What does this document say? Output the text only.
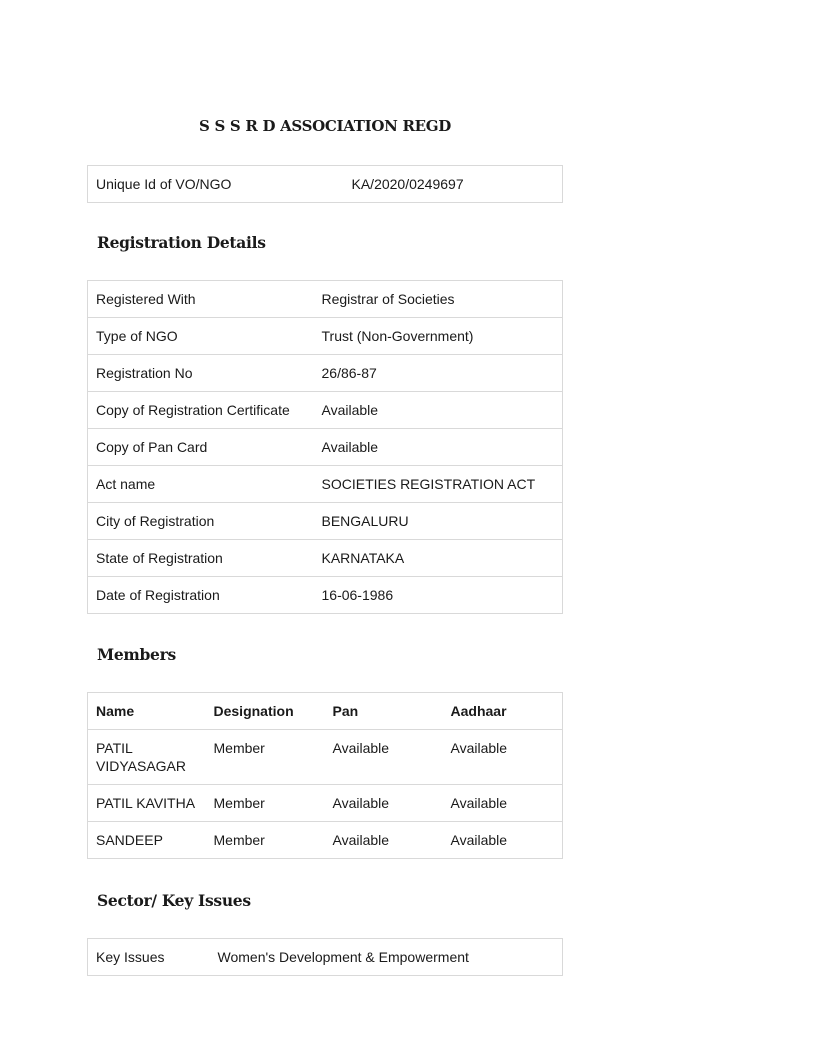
S S S R D ASSOCIATION REGD
Unique Id of VO/NGO	KA/2020/0249697
Registration Details
Registered With	Registrar of Societies
Type of NGO	Trust (Non-Government)
Registration No	26/86-87
Copy of Registration Certificate	Available
Copy of Pan Card	Available
Act name	SOCIETIES REGISTRATION ACT
City of Registration	BENGALURU
State of Registration	KARNATAKA
Date of Registration	16-06-1986
Members
Name	Designation	Pan	Aadhaar
PATIL VIDYASAGAR	Member	Available	Available
PATIL KAVITHA	Member	Available	Available
SANDEEP	Member	Available	Available
Sector/ Key Issues
Key Issues	Women's Development & Empowerment
